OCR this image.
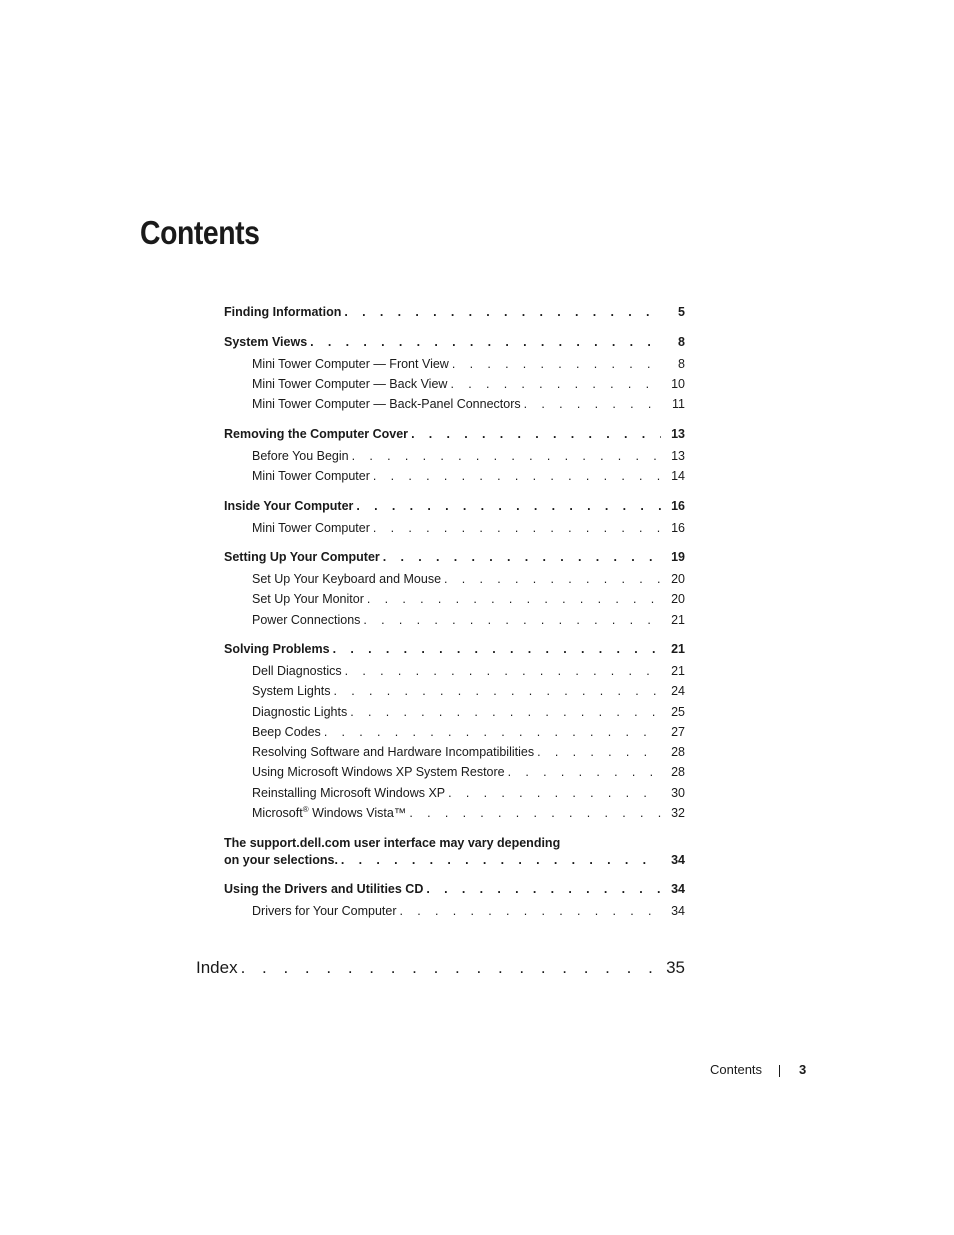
Contents
Finding Information . . .	5
System Views . . .	8
Mini Tower Computer — Front View . . .	8
Mini Tower Computer — Back View . . .	10
Mini Tower Computer — Back-Panel Connectors . . .	11
Removing the Computer Cover . . .	13
Before You Begin . . .	13
Mini Tower Computer . . .	14
Inside Your Computer . . .	16
Mini Tower Computer . . .	16
Setting Up Your Computer . . .	19
Set Up Your Keyboard and Mouse . . .	20
Set Up Your Monitor . . .	20
Power Connections . . .	21
Solving Problems . . .	21
Dell Diagnostics . . .	21
System Lights . . .	24
Diagnostic Lights . . .	25
Beep Codes . . .	27
Resolving Software and Hardware Incompatibilities . . .	28
Using Microsoft Windows XP System Restore . . .	28
Reinstalling Microsoft Windows XP . . .	30
Microsoft® Windows Vista™ . . .	32
The support.dell.com user interface may vary depending
on your selections. . . .	34
Using the Drivers and Utilities CD . . .	34
Drivers for Your Computer . . .	34
Index . . .	35
Contents	3
